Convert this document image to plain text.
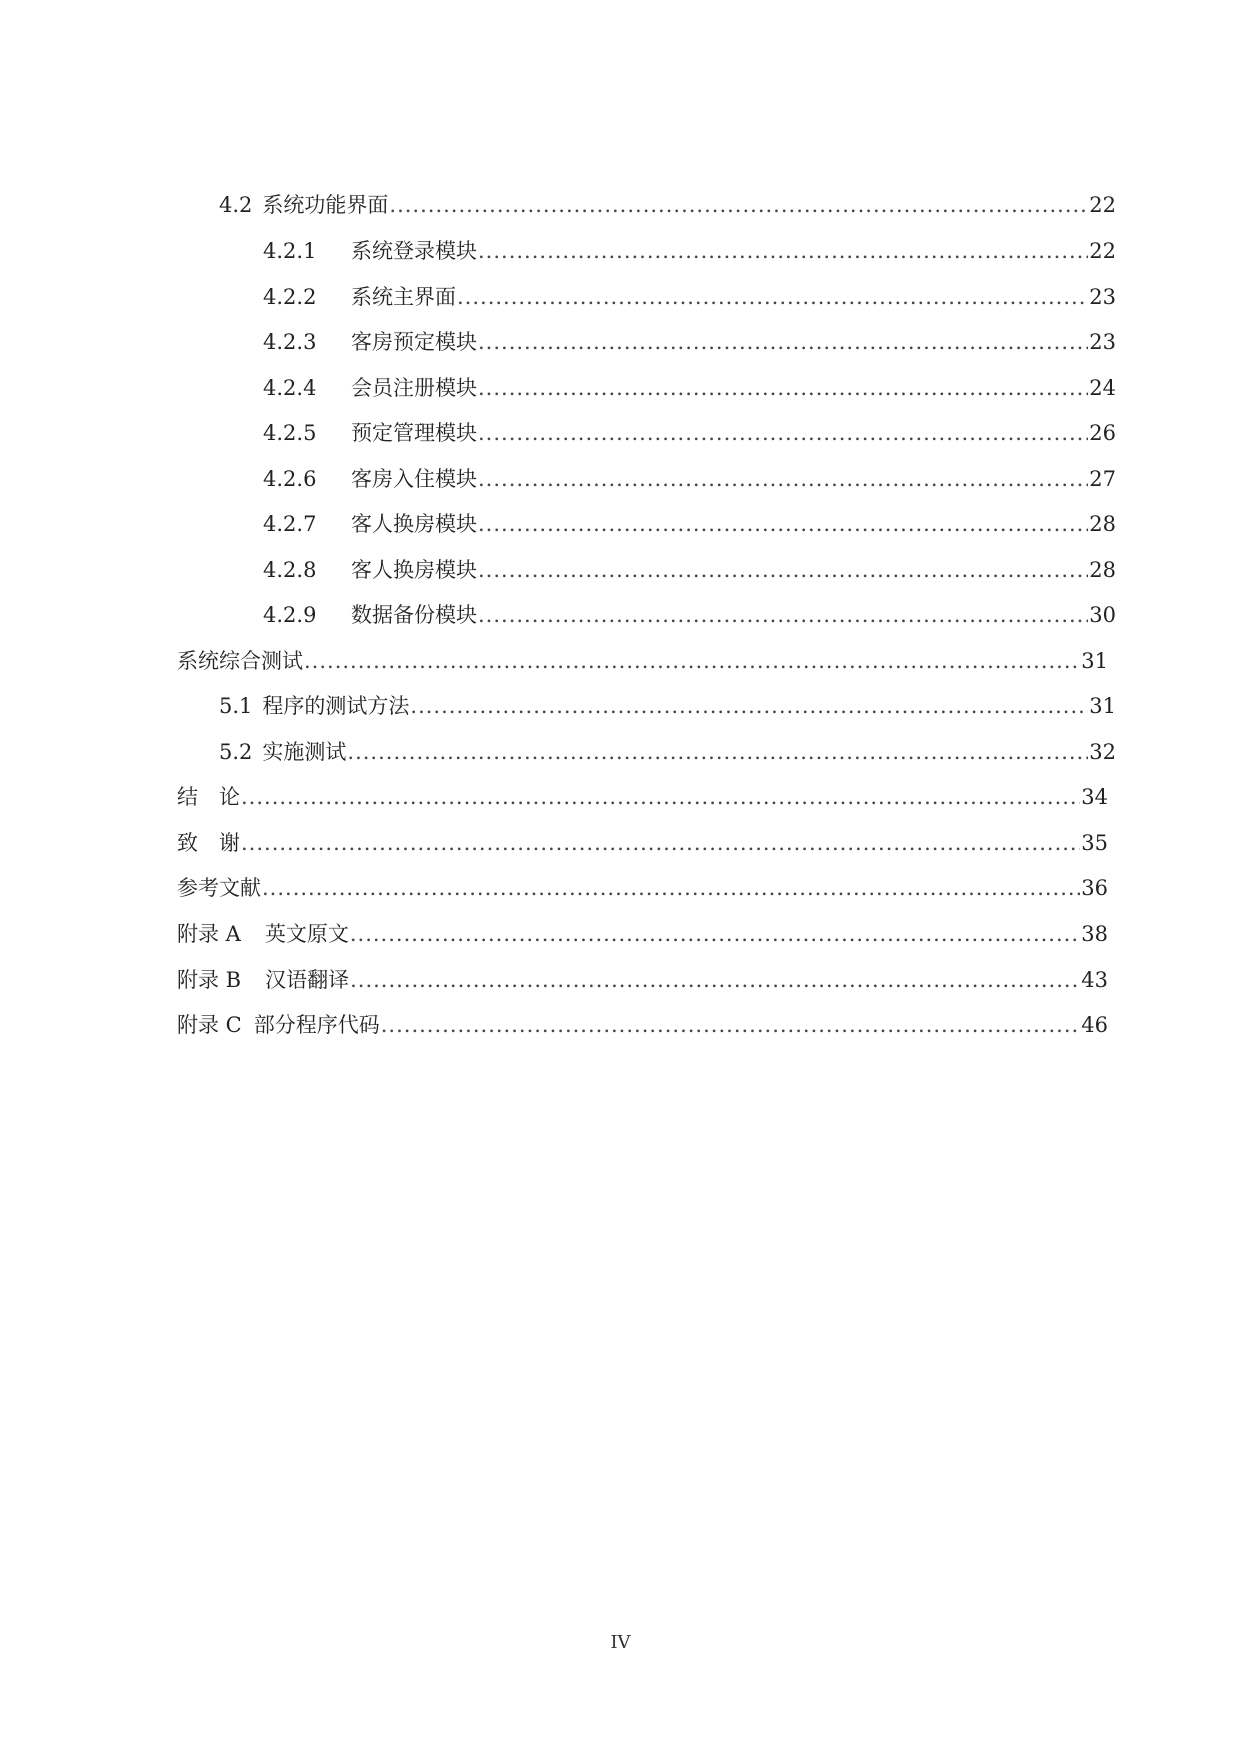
4.2 系统功能界面 .....	22
4.2.1	系统登录模块 .....	22
4.2.2	系统主界面 .....	23
4.2.3	客房预定模块 .....	23
4.2.4	会员注册模块 .....	24
4.2.5	预定管理模块 .....	26
4.2.6	客房入住模块 .....	27
4.2.7	客人换房模块 .....	28
4.2.8	客人换房模块 .....	28
4.2.9	数据备份模块 .....	30
系统综合测试 .....	31
5.1 程序的测试方法 .....	31
5.2 实施测试 .....	32
结　论 .....	34
致　谢 .....	35
参考文献 .....	36
附录 A 英文原文 .....	38
附录 B 汉语翻译 .....	43
附录 C 部分程序代码 .....	46
IV
